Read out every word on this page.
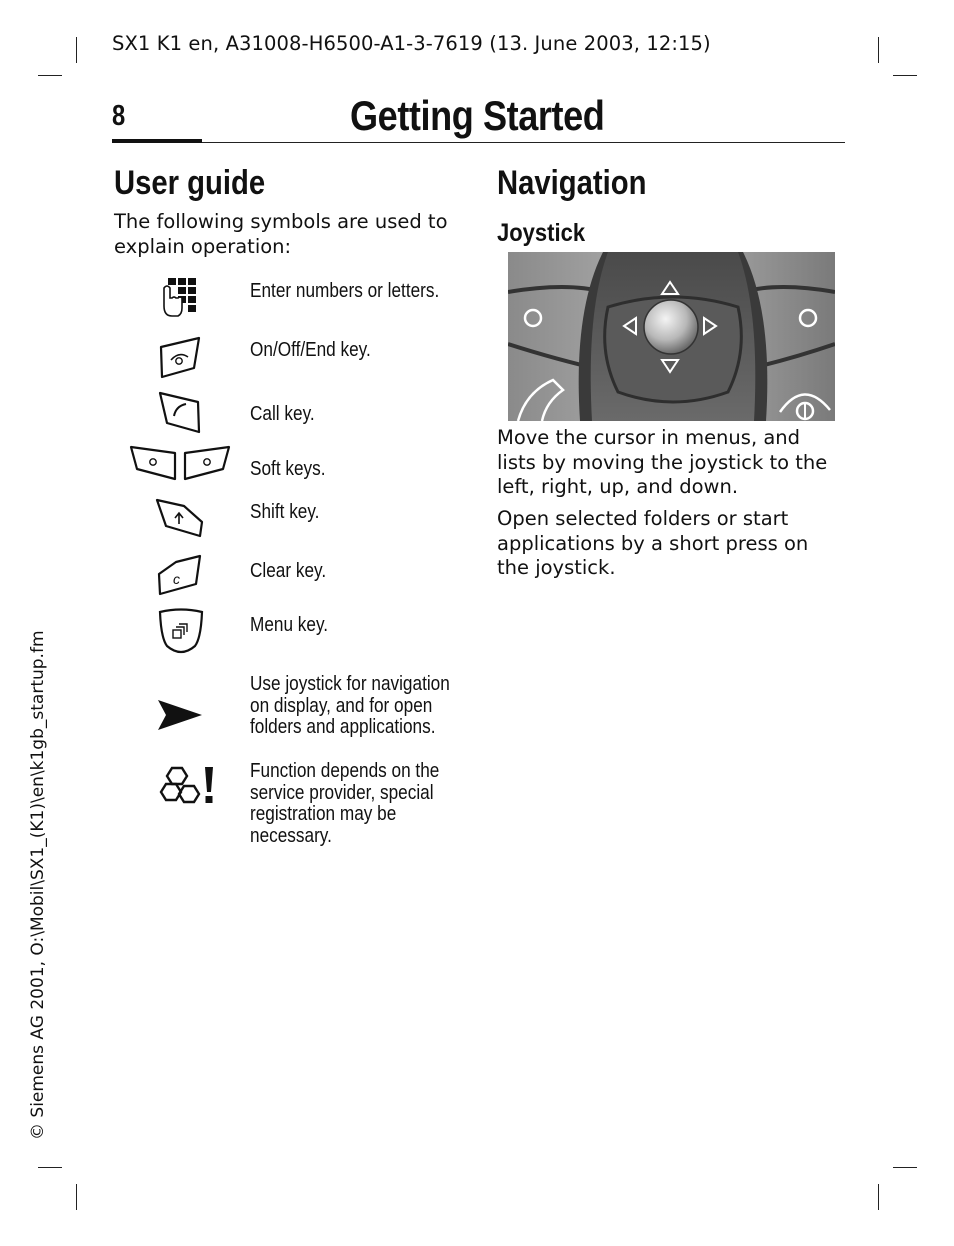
SX1 K1 en, A31008-H6500-A1-3-7619 (13. June 2003, 12:15)
8	Getting Started
User guide

The following symbols are used to explain operation:

c

Enter numbers or letters.

On/Off/End key.

Call key.

Soft keys.

Shift key.

Clear key.

Menu key.

Use joystick for navigation on display, and for open folders and applications.

Function depends on the service provider, special registration may be necessary.

Navigation
Joystick

Move the cursor in menus, and lists by moving the joystick to the left, right, up, and down.

Open selected folders or start applications by a short press on the joystick.

© Siemens AG 2001, O:\Mobil\SX1_(K1)\en\k1gb_startup.fm
